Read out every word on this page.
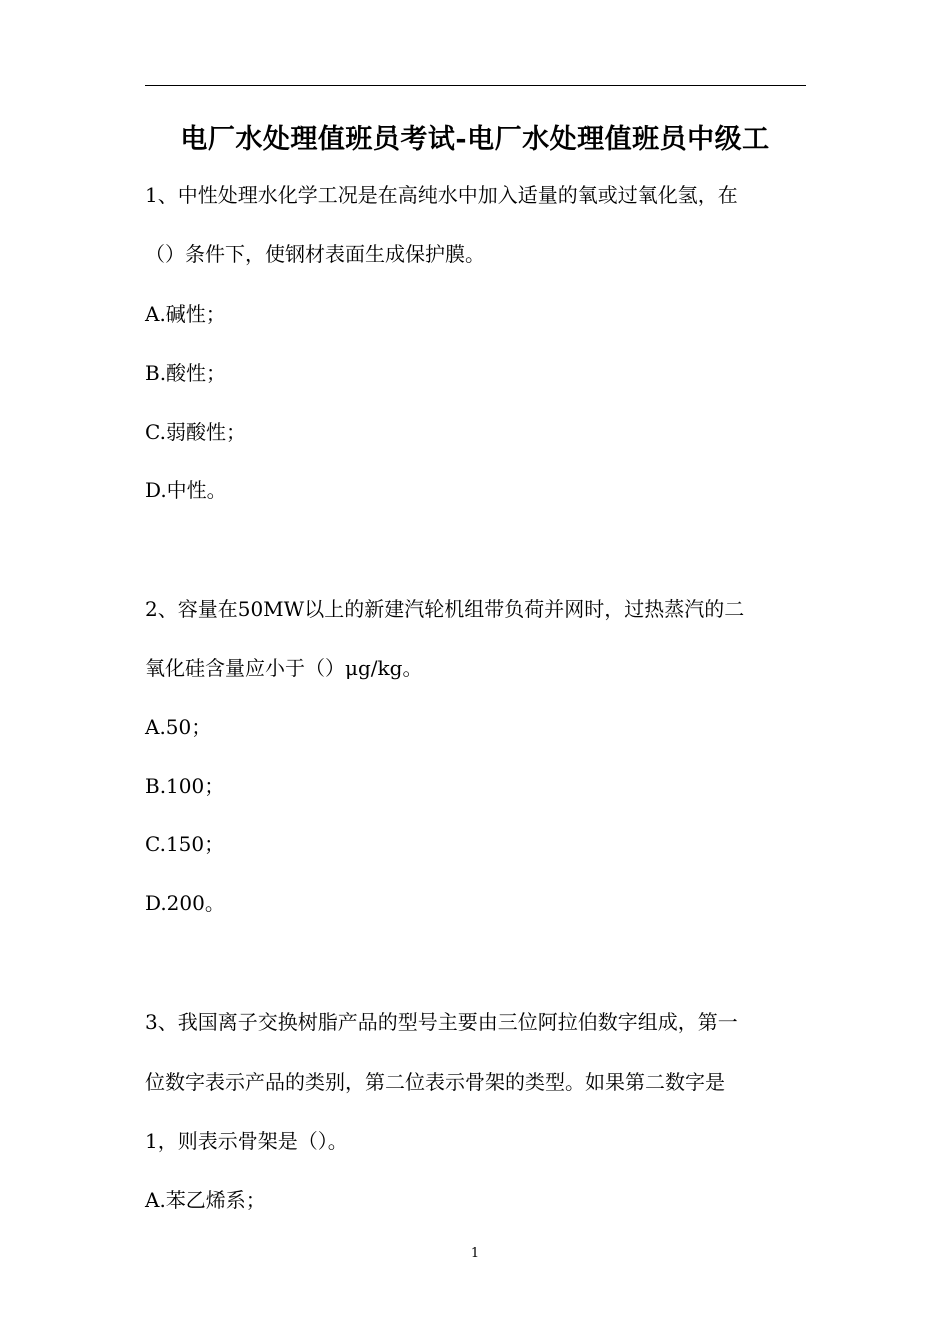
电厂水处理值班员考试-电厂水处理值班员中级工
1、中性处理水化学工况是在高纯水中加入适量的氧或过氧化氢，在
（）条件下，使钢材表面生成保护膜。
A.碱性；
B.酸性；
C.弱酸性；
D.中性。
2、容量在50MW以上的新建汽轮机组带负荷并网时，过热蒸汽的二
氧化硅含量应小于（）μg/kg。
A.50；
B.100；
C.150；
D.200。
3、我国离子交换树脂产品的型号主要由三位阿拉伯数字组成，第一
位数字表示产品的类别，第二位表示骨架的类型。如果第二数字是
1，则表示骨架是（）。
A.苯乙烯系；
1
